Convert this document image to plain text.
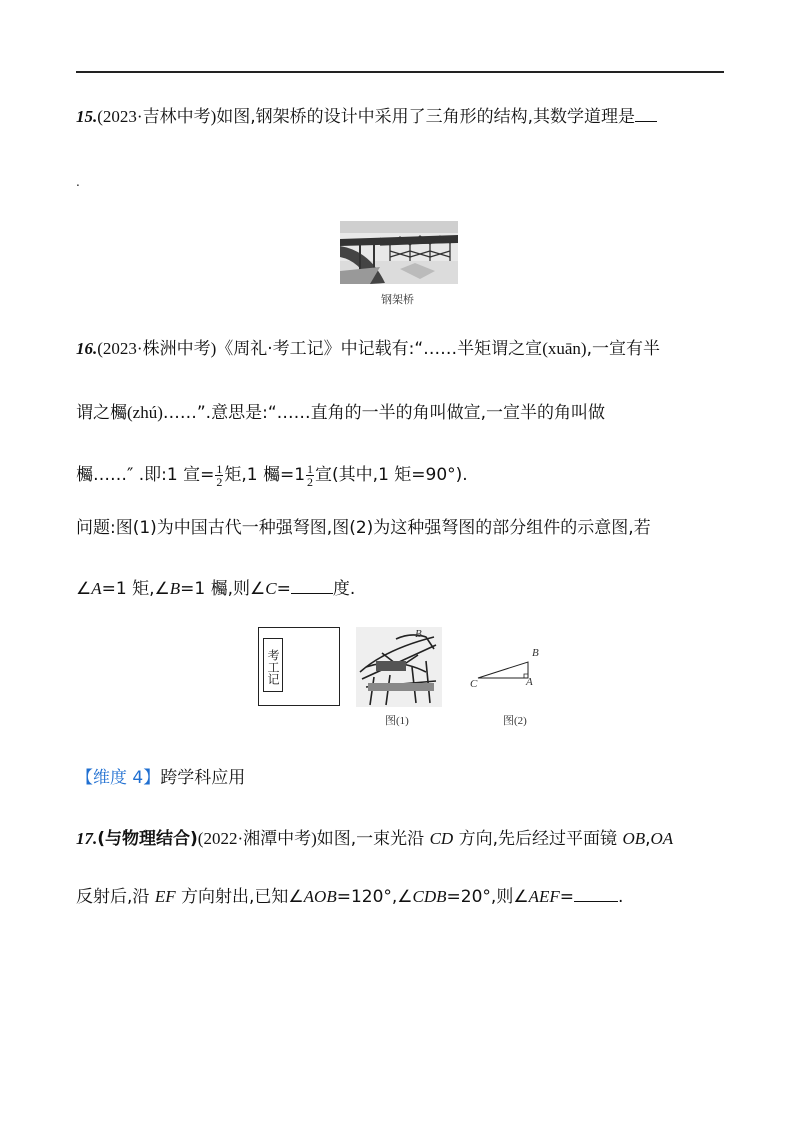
15.(2023·吉林中考)如图,钢架桥的设计中采用了三角形的结构,其数学道理是
.
钢架桥
16.(2023·株洲中考)《周礼·考工记》中记载有:“……半矩谓之宣(xuān),一宣有半
谓之欘(zhú)……”.意思是:“……直角的一半的角叫做宣,一宣半的角叫做
欘……″ .即:1 宣= $\frac{1}{2}$ 矩,1 欘$=1 \frac{1}{2}$ 宣(其中,1 矩=90°).
问题:图(1)为中国古代一种强弩图,图(2)为这种强弩图的部分组件的示意图,若
∠A=1 矩,∠B=1 欘,则∠C= 度.
考工记
B
图(1)
B
C	A
图(2)
【维度 4】跨学科应用
17.(与物理结合)(2022·湘潭中考)如图,一束光沿 CD 方向,先后经过平面镜 OB,OA
反射后,沿 EF 方向射出,已知∠AOB=120°,∠CDB=20°,则∠AEF=	.
